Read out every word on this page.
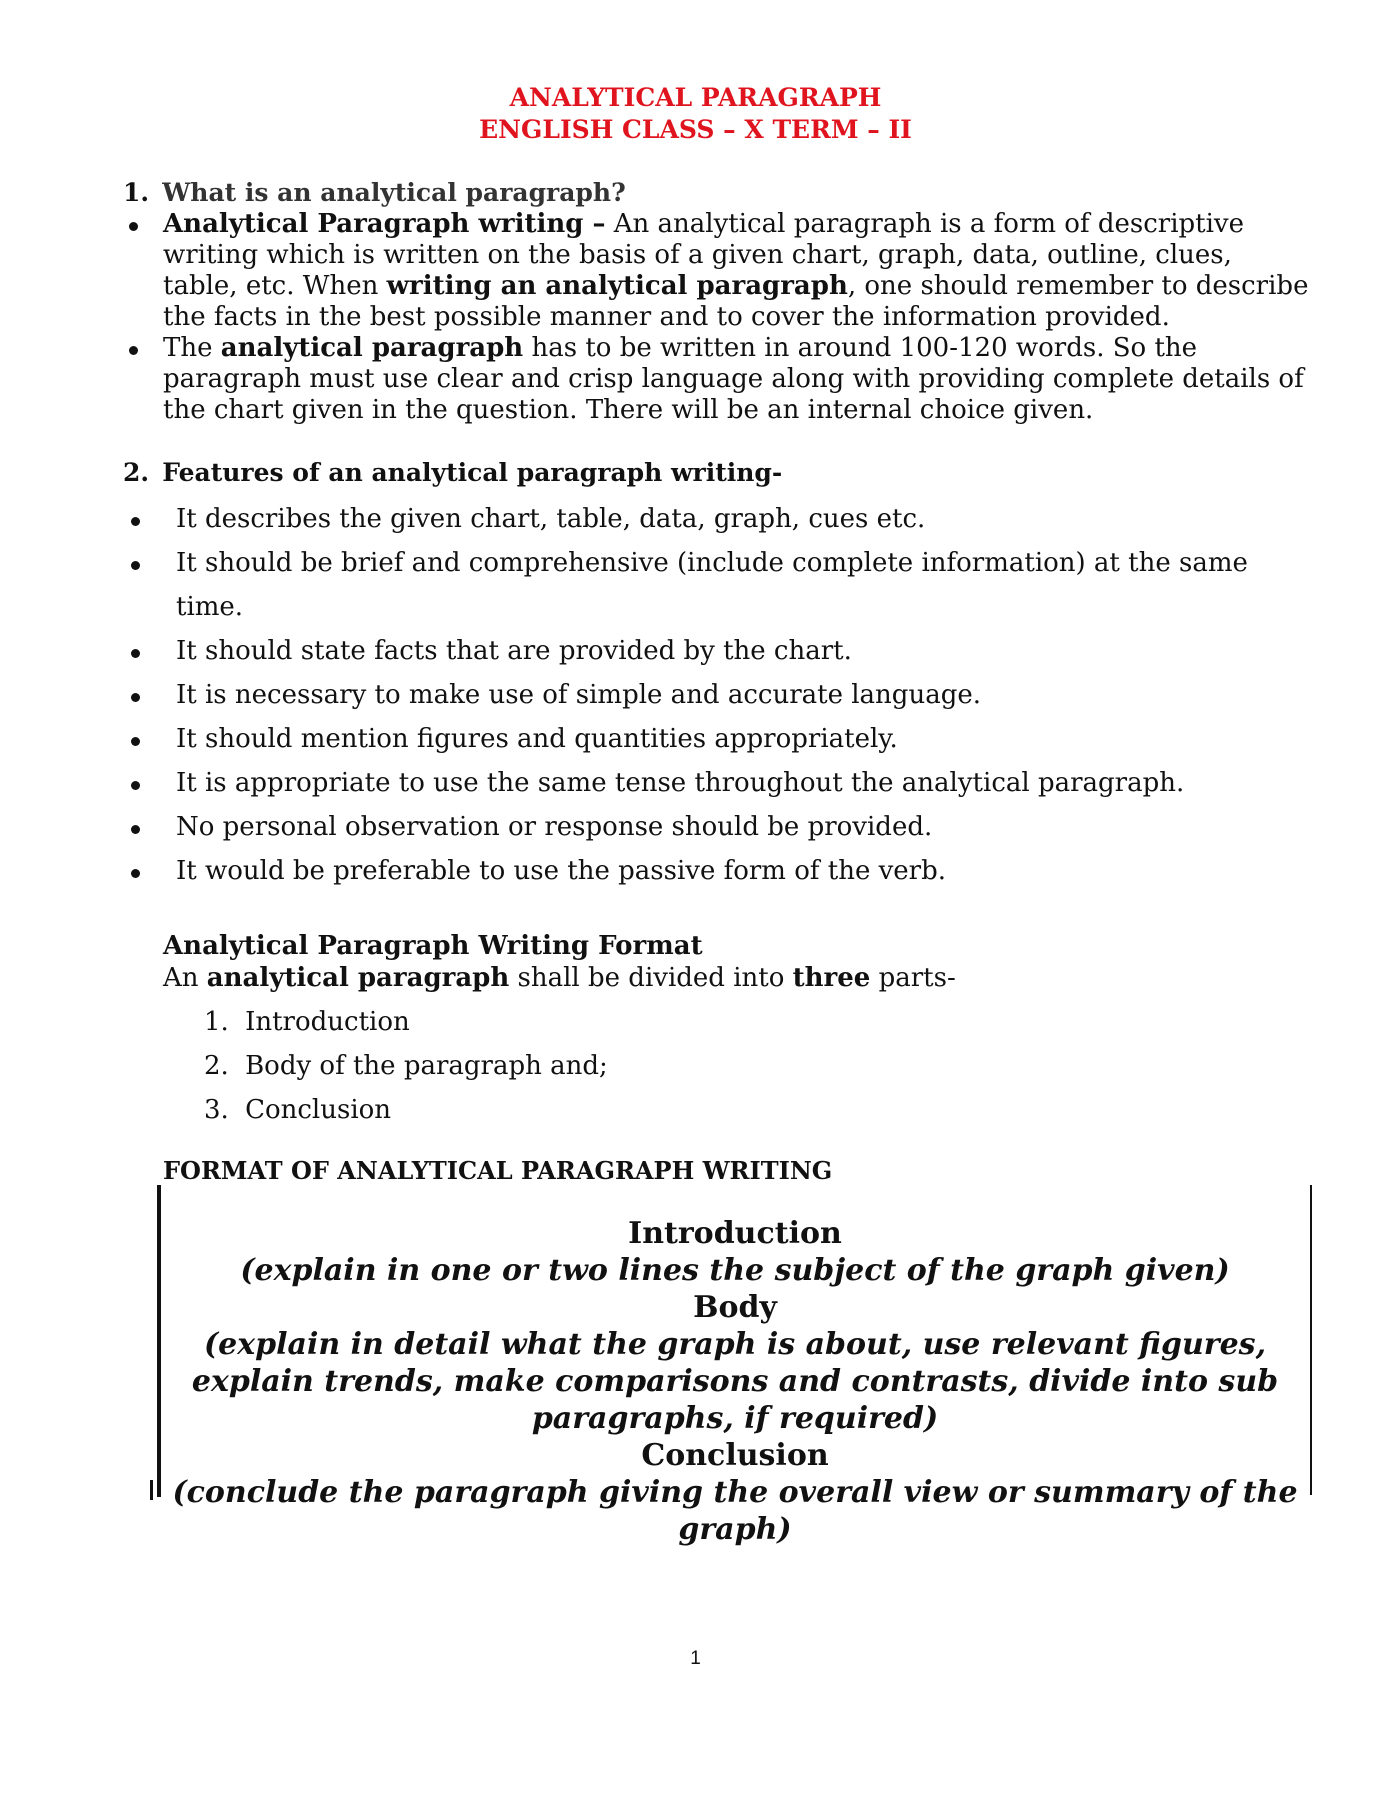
ANALYTICAL PARAGRAPH
ENGLISH CLASS – X TERM – II
1. What is an analytical paragraph?
Analytical Paragraph writing – An analytical paragraph is a form of descriptive writing which is written on the basis of a given chart, graph, data, outline, clues, table, etc. When writing an analytical paragraph, one should remember to describe the facts in the best possible manner and to cover the information provided.
The analytical paragraph has to be written in around 100-120 words. So the paragraph must use clear and crisp language along with providing complete details of the chart given in the question. There will be an internal choice given.
2. Features of an analytical paragraph writing-
It describes the given chart, table, data, graph, cues etc.
It should be brief and comprehensive (include complete information) at the same
time.
It should state facts that are provided by the chart.
It is necessary to make use of simple and accurate language.
It should mention figures and quantities appropriately.
It is appropriate to use the same tense throughout the analytical paragraph.
No personal observation or response should be provided.
It would be preferable to use the passive form of the verb.
Analytical Paragraph Writing Format
An analytical paragraph shall be divided into three parts-
1. Introduction
2. Body of the paragraph and;
3. Conclusion
FORMAT OF ANALYTICAL PARAGRAPH WRITING
Introduction
(explain in one or two lines the subject of the graph given)
Body
(explain in detail what the graph is about, use relevant figures,
explain trends, make comparisons and contrasts, divide into sub
paragraphs, if required)
Conclusion
(conclude the paragraph giving the overall view or summary of the
graph)
1
